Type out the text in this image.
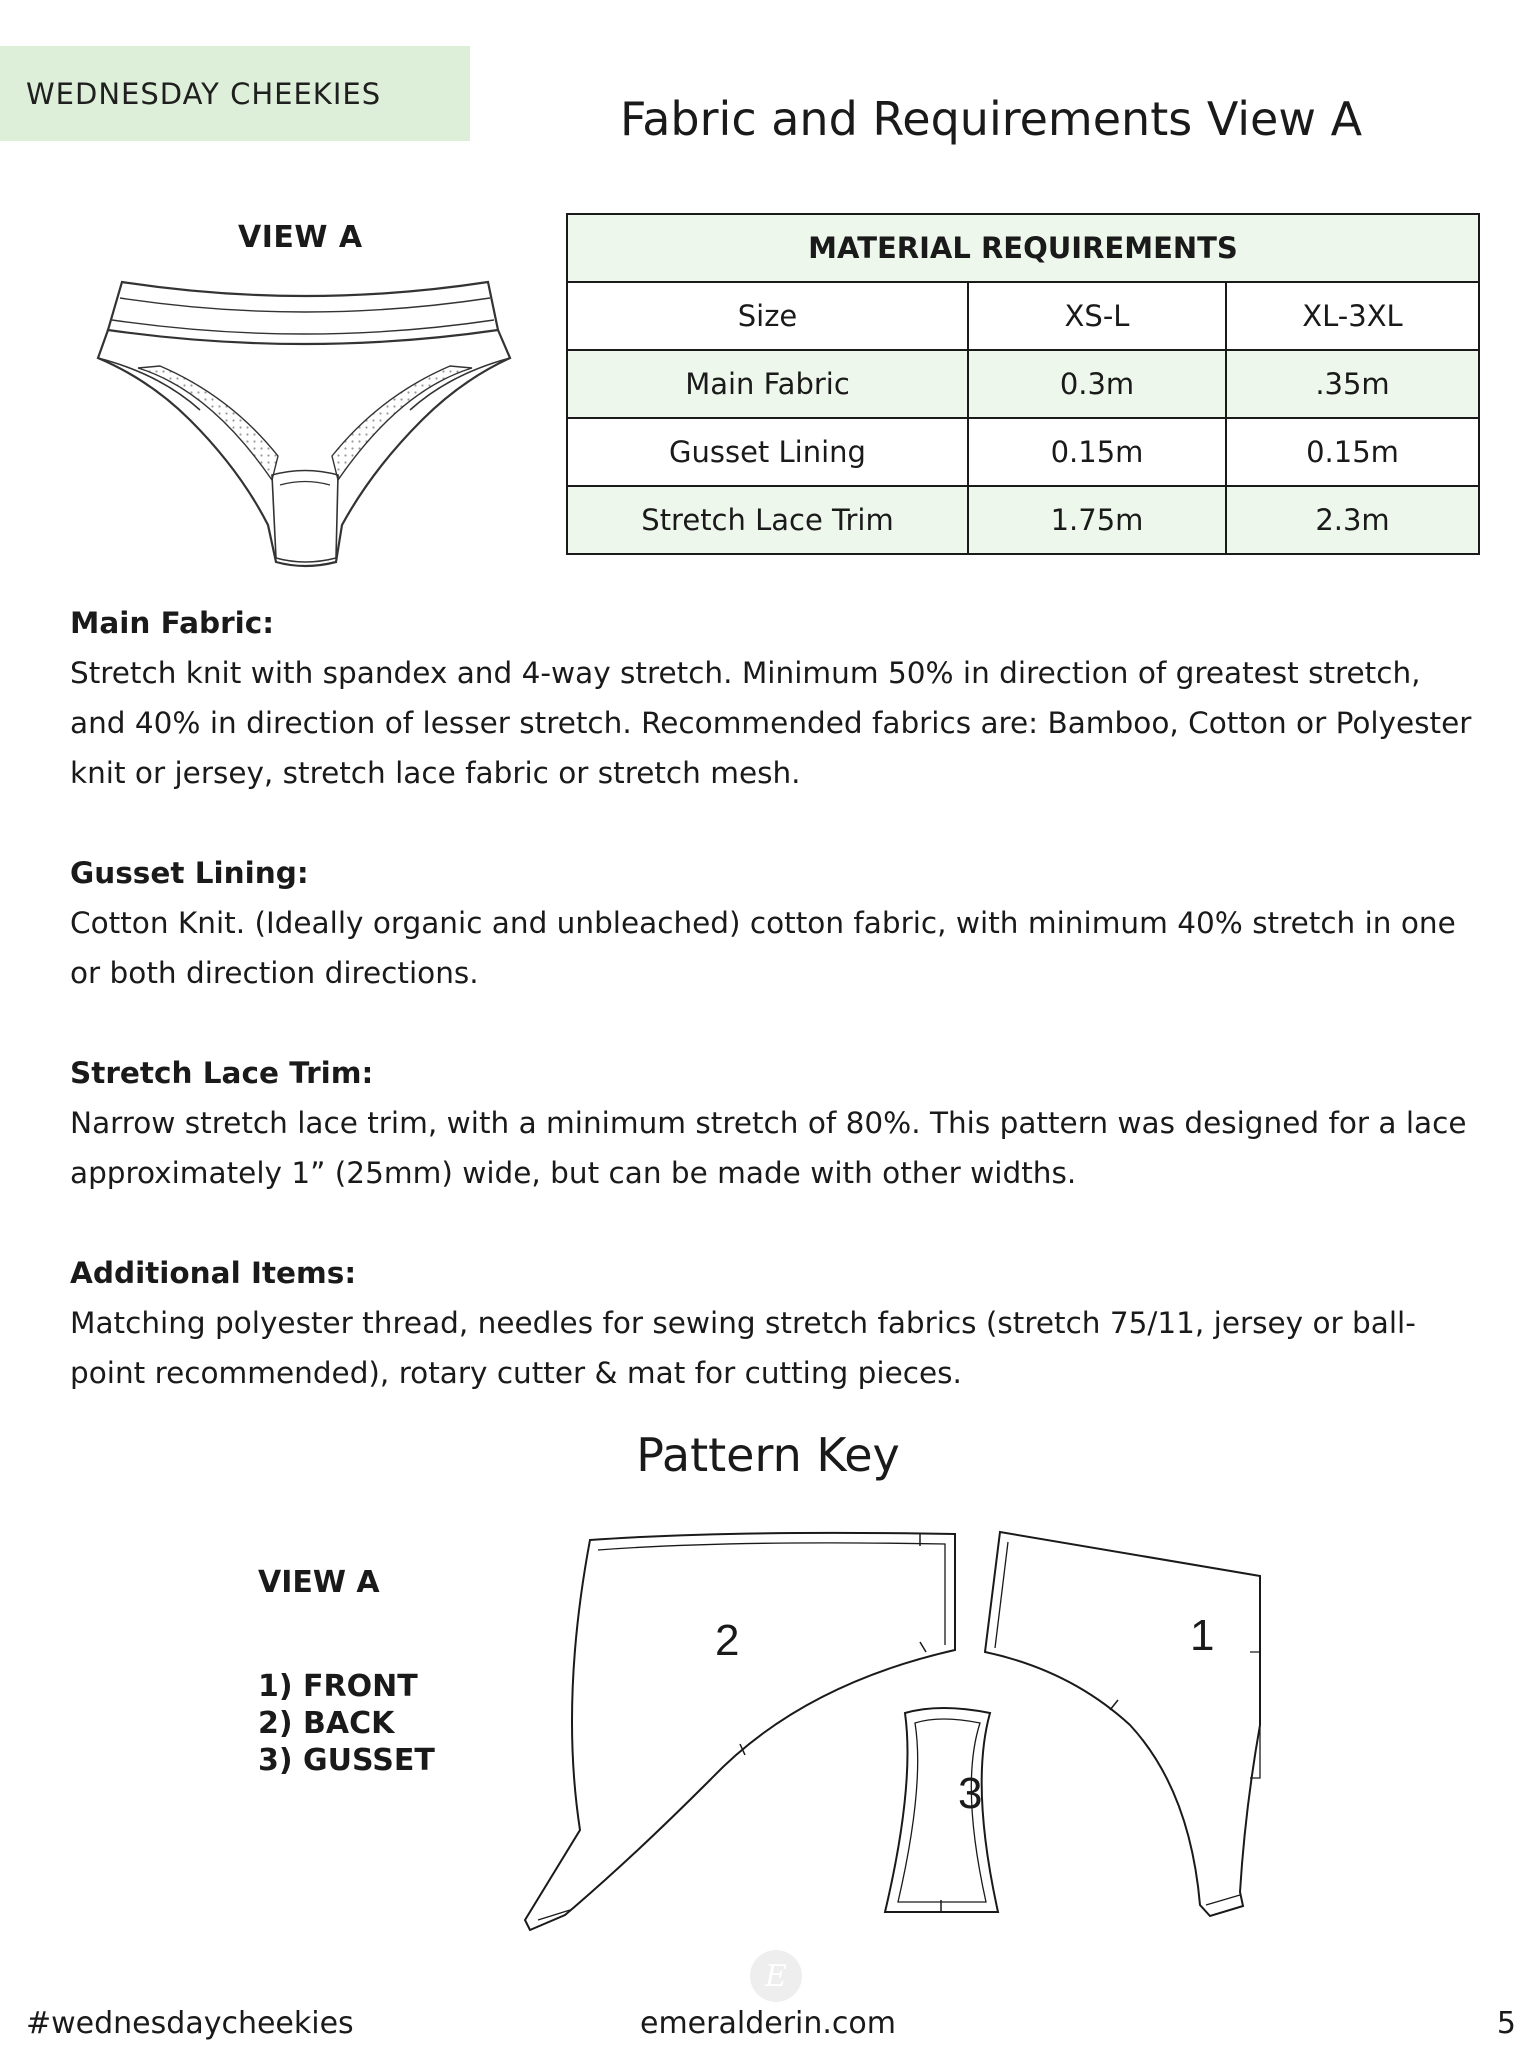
WEDNESDAY CHEEKIES	Fabric and Requirements View A
VIEW A	MATERIAL REQUIREMENTS		
Size	XS-L	XL-3XL
Main Fabric	0.3m	.35m
Gusset Lining	0.15m	0.15m
Stretch Lace Trim	1.75m	2.3m
Main Fabric:

Stretch knit with spandex and 4-way stretch. Minimum 50% in direction of greatest stretch, and 40% in direction of lesser stretch. Recommended fabrics are: Bamboo, Cotton or Polyester knit or jersey, stretch lace fabric or stretch mesh.

Gusset Lining:

Cotton Knit. (Ideally organic and unbleached) cotton fabric, with minimum 40% stretch in one or both direction directions.

Stretch Lace Trim:

Narrow stretch lace trim, with a minimum stretch of 80%. This pattern was designed for a lace approximately 1” (25mm) wide, but can be made with other widths.

Additional Items:

Matching polyester thread, needles for sewing stretch fabrics (stretch 75/11, jersey or ball-point recommended), rotary cutter & mat for cutting pieces.

Pattern Key
VIEW A
1) FRONT
2) BACK
3) GUSSET
2	1
3
E
#wednesdaycheekies	emeralderin.com	5
